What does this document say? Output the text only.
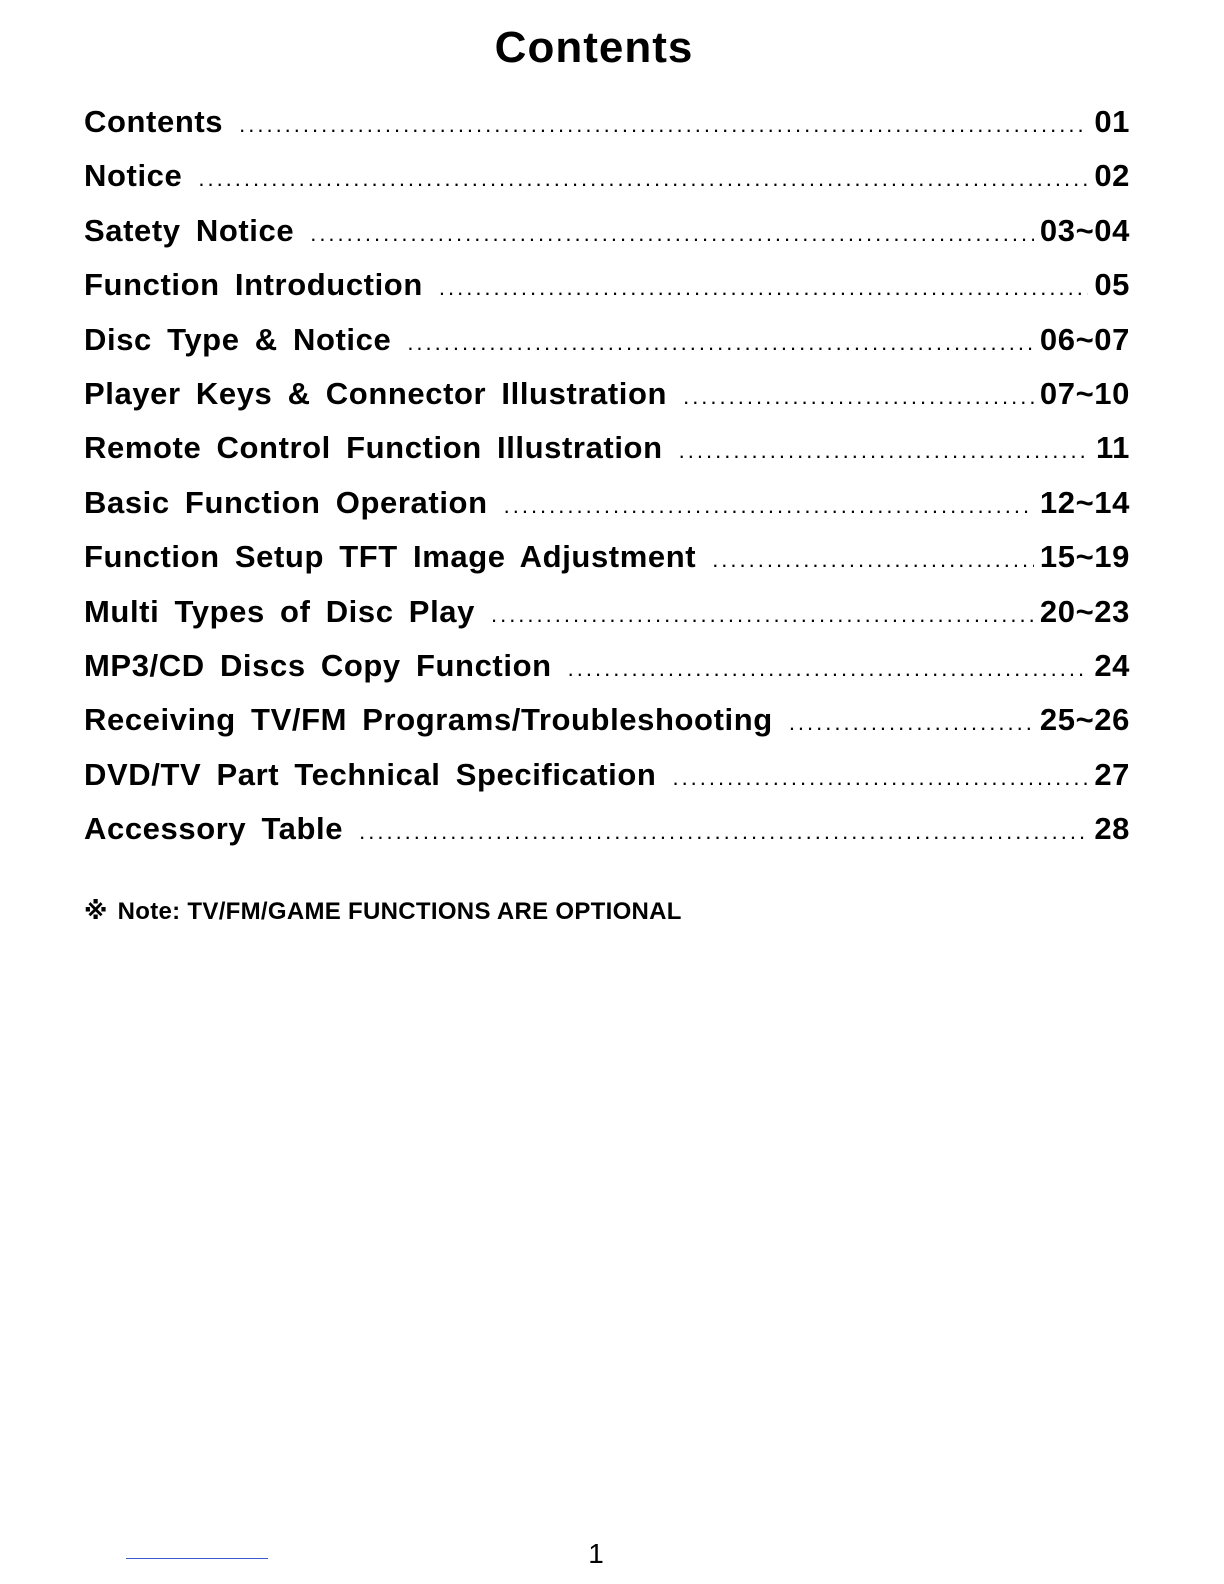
Contents
Contents .....	01
Notice .....	02
Satety Notice .....	03~04
Function Introduction .....	05
Disc Type & Notice .....	06~07
Player Keys & Connector Illustration .....	07~10
Remote Control Function Illustration .....	11
Basic Function Operation .....	12~14
Function Setup TFT Image Adjustment .....	15~19
Multi Types of Disc Play .....	20~23
MP3/CD Discs Copy Function .....	24
Receiving TV/FM Programs/Troubleshooting .....	25~26
DVD/TV Part Technical Specification .....	27
Accessory Table .....	28
※ Note: TV/FM/GAME FUNCTIONS ARE OPTIONAL
1
